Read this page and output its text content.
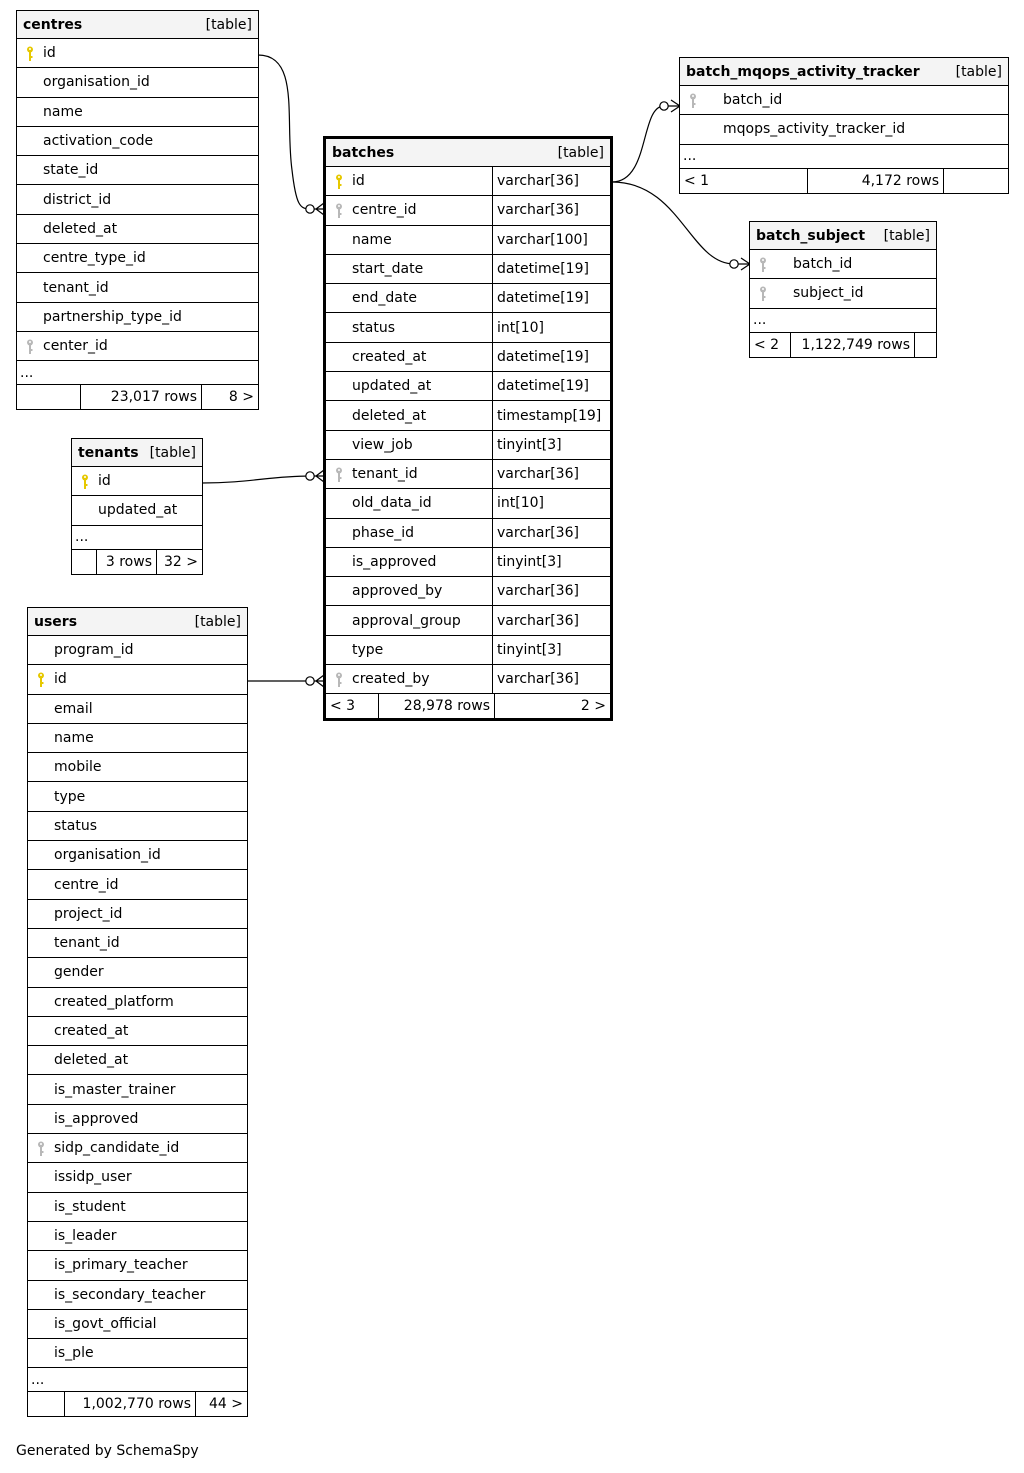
centres	[table]
id
organisation_id
name
activation_code
state_id
district_id
deleted_at
centre_type_id
tenant_id
partnership_type_id
center_id
...
23,017 rows	8 >
tenants [table]
id
updated_at
...
3 rows 32 >
users	[table]
program_id
id
email
name
mobile
type
status
organisation_id
centre_id
project_id
tenant_id
gender
created_platform
created_at
deleted_at
is_master_trainer
is_approved
sidp_candidate_id
issidp_user
is_student
is_leader
is_primary_teacher
is_secondary_teacher
is_govt_official
is_ple
...
1,002,770 rows	44 >
batches	[table]
id	varchar[36]
centre_id	varchar[36]
name	varchar[100]
start_date	datetime[19]
end_date	datetime[19]
status	int[10]
created_at	datetime[19]
updated_at	datetime[19]
deleted_at	timestamp[19]
view_job	tinyint[3]
tenant_id	varchar[36]
old_data_id	int[10]
phase_id	varchar[36]
is_approved	tinyint[3]
approved_by	varchar[36]
approval_group	varchar[36]
type	tinyint[3]
created_by	varchar[36]
< 3	28,978 rows	2 >
batch_mqops_activity_tracker	[table]
batch_id
mqops_activity_tracker_id
...
< 1	4,172 rows
batch_subject [table]
batch_id
subject_id
...
< 2	1,122,749 rows
Generated by SchemaSpy
